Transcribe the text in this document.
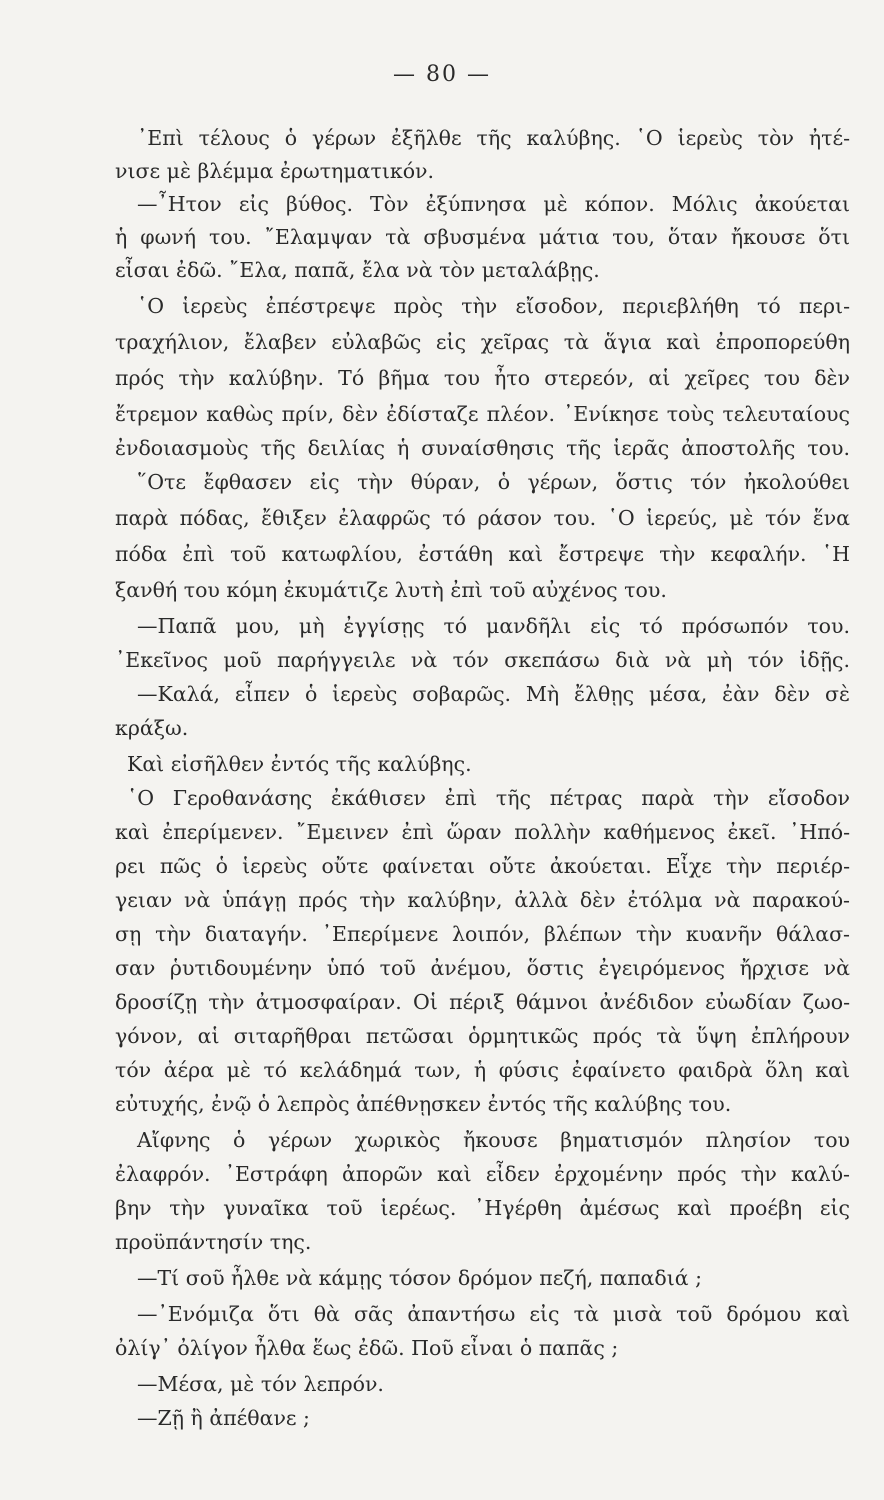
— 80 —
᾿Επὶ τέλους ὁ γέρων ἐξῆλθε τῆς καλύβης. ῾Ο ἱερεὺς τὸν ἠτέ-
νισε μὲ βλέμμα ἐρωτηματικόν.
—῏Ητον εἰς βύθος. Τὸν ἐξύπνησα μὲ κόπον. Μόλις ἀκούεται
ἡ φωνή του. ῎Ελαμψαν τὰ σβυσμένα μάτια του, ὅταν ἤκουσε ὅτι
εἶσαι ἐδῶ. ῎Ελα, παπᾶ, ἔλα νὰ τὸν μεταλάβῃς.
῾Ο ἱερεὺς ἐπέστρεψε πρὸς τὴν εἴσοδον, περιεβλήθη τό περι-
τραχήλιον, ἔλαβεν εὐλαβῶς εἰς χεῖρας τὰ ἅγια καὶ ἐπροπορεύθη
πρός τὴν καλύβην. Τό βῆμα του ἦτο στερεόν, αἱ χεῖρες του δὲν
ἔτρεμον καθὼς πρίν, δὲν ἐδίσταζε πλέον. ᾿Ενίκησε τοὺς τελευταίους
ἐνδοιασμοὺς τῆς δειλίας ἡ συναίσθησις τῆς ἱερᾶς ἀποστολῆς του.
῞Οτε ἔφθασεν εἰς τὴν θύραν, ὁ γέρων, ὅστις τόν ἠκολούθει
παρὰ πόδας, ἔθιξεν ἐλαφρῶς τό ράσον του. ῾Ο ἱερεύς, μὲ τόν ἕνα
πόδα ἐπὶ τοῦ κατωφλίου, ἐστάθη καὶ ἔστρεψε τὴν κεφαλήν. ῾Η
ξανθή του κόμη ἐκυμάτιζε λυτὴ ἐπὶ τοῦ αὐχένος του.
—Παπᾶ μου, μὴ ἐγγίσῃς τό μανδῆλι εἰς τό πρόσωπόν του.
᾿Εκεῖνος μοῦ παρήγγειλε νὰ τόν σκεπάσω διὰ νὰ μὴ τόν ἰδῇς.
—Καλά, εἶπεν ὁ ἱερεὺς σοβαρῶς. Μὴ ἔλθῃς μέσα, ἐὰν δὲν σὲ
κράξω.
Καὶ εἰσῆλθεν ἐντός τῆς καλύβης.
῾Ο Γεροθανάσης ἐκάθισεν ἐπὶ τῆς πέτρας παρὰ τὴν εἴσοδον
καὶ ἐπερίμενεν. ῎Εμεινεν ἐπὶ ὥραν πολλὴν καθήμενος ἐκεῖ. ᾿Ηπό-
ρει πῶς ὁ ἱερεὺς οὔτε φαίνεται οὔτε ἀκούεται. Εἶχε τὴν περιέρ-
γειαν νὰ ὑπάγῃ πρός τὴν καλύβην, ἀλλὰ δὲν ἐτόλμα νὰ παρακού-
σῃ τὴν διαταγήν. ᾿Επερίμενε λοιπόν, βλέπων τὴν κυανῆν θάλασ-
σαν ῥυτιδουμένην ὑπό τοῦ ἀνέμου, ὅστις ἐγειρόμενος ἤρχισε νὰ
δροσίζῃ τὴν ἀτμοσφαίραν. Οἱ πέριξ θάμνοι ἀνέδιδον εὐωδίαν ζωο-
γόνον, αἱ σιταρῆθραι πετῶσαι ὁρμητικῶς πρός τὰ ὕψη ἐπλήρουν
τόν ἀέρα μὲ τό κελάδημά των, ἡ φύσις ἐφαίνετο φαιδρὰ ὅλη καὶ
εὐτυχής, ἐνῷ ὁ λεπρὸς ἀπέθνῃσκεν ἐντός τῆς καλύβης του.
Αἴφνης ὁ γέρων χωρικὸς ἤκουσε βηματισμόν πλησίον του
ἐλαφρόν. ᾿Εστράφη ἀπορῶν καὶ εἶδεν ἐρχομένην πρός τὴν καλύ-
βην τὴν γυναῖκα τοῦ ἱερέως. ᾿Ηγέρθη ἀμέσως καὶ προέβη εἰς
προϋπάντησίν της.
—Τί σοῦ ἦλθε νὰ κάμῃς τόσον δρόμον πεζή, παπαδιά ;
—᾿Ενόμιζα ὅτι θὰ σᾶς ἀπαντήσω εἰς τὰ μισὰ τοῦ δρόμου καὶ
ὀλίγ᾿ ὀλίγον ἦλθα ἕως ἐδῶ. Ποῦ εἶναι ὁ παπᾶς ;
—Μέσα, μὲ τόν λεπρόν.
—Ζῇ ἢ ἀπέθανε ;
